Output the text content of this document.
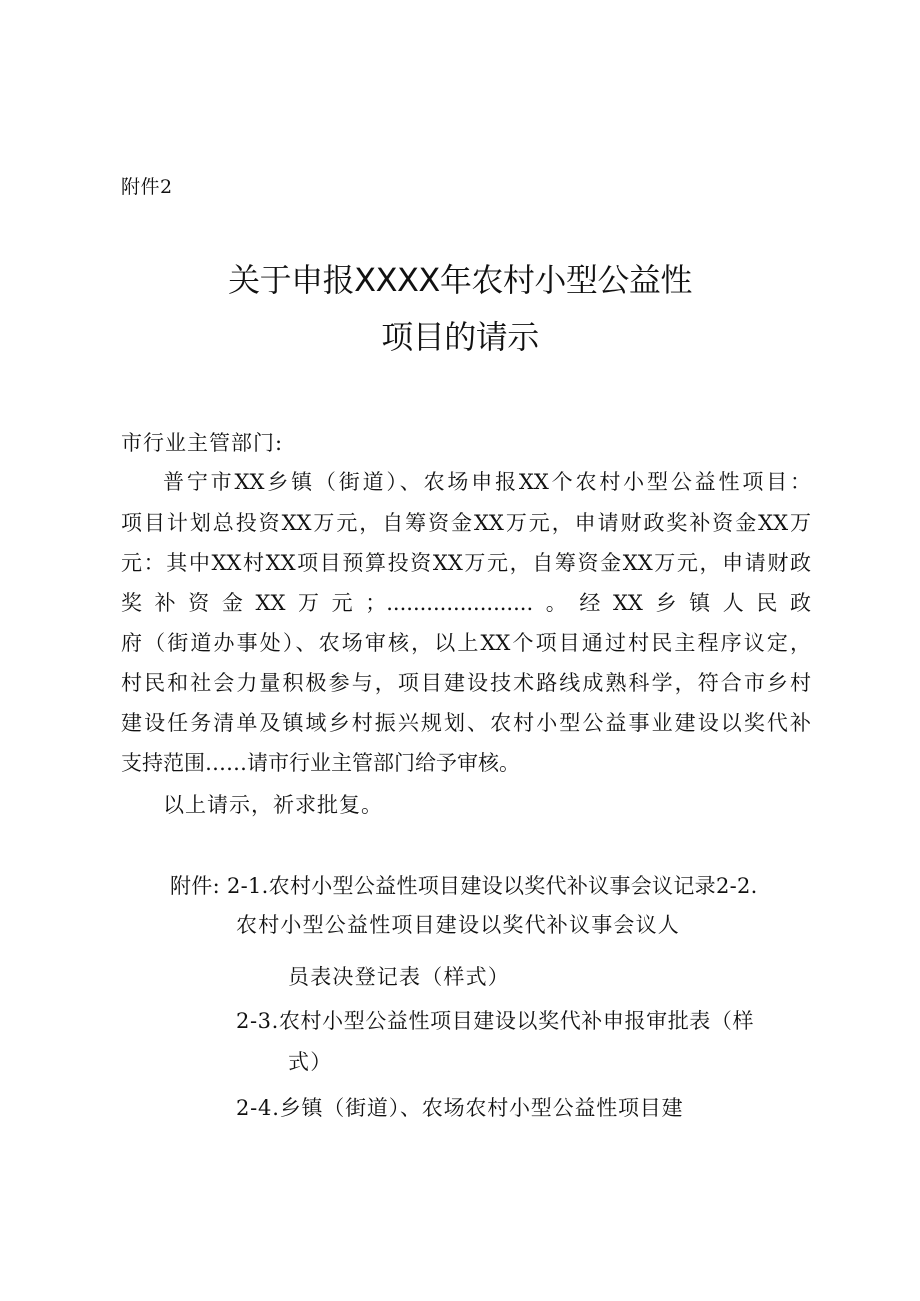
附件2
关于申报XXXX年农村小型公益性
项目的请示
市行业主管部门:
普宁市XX乡镇（街道）、农场申报XX个农村小型公益性项目：
项目计划总投资XX万元，自筹资金XX万元，申请财政奖补资金XX万
元：其中XX村XX项目预算投资XX万元，自筹资金XX万元，申请财政
奖补资金XX万元；......................。经XX乡镇人民政
府（街道办事处）、农场审核，以上XX个项目通过村民主程序议定，
村民和社会力量积极参与，项目建设技术路线成熟科学，符合市乡村
建设任务清单及镇域乡村振兴规划、农村小型公益事业建设以奖代补
支持范围……请市行业主管部门给予审核。
以上请示，祈求批复。
附件: 2-1.农村小型公益性项目建设以奖代补议事会议记录2-2.
农村小型公益性项目建设以奖代补议事会议人
员表决登记表（样式）
2-3.农村小型公益性项目建设以奖代补申报审批表（样
式）
2-4.乡镇（街道）、农场农村小型公益性项目建
